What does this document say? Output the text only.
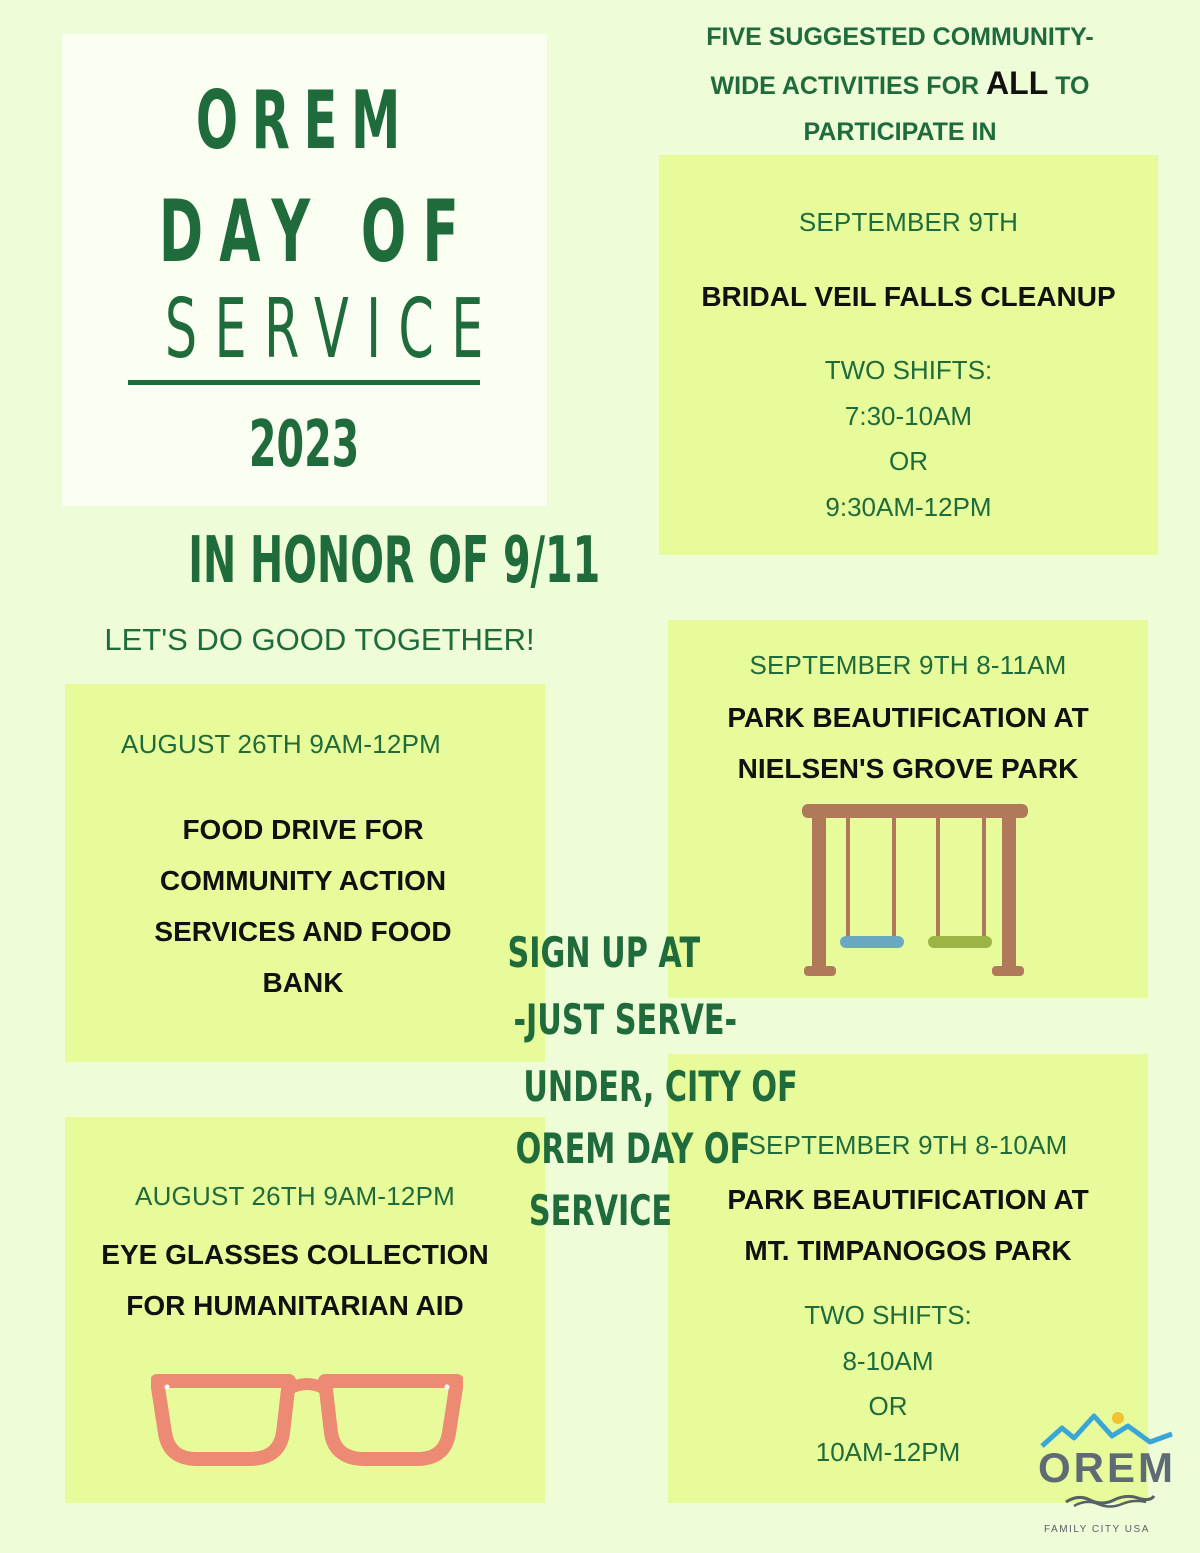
FIVE SUGGESTED COMMUNITY-
WIDE ACTIVITIES FOR ALL TO
PARTICIPATE IN
OREM
DAY OF
SERVICE
2023
IN HONOR OF 9/11
LET'S DO GOOD TOGETHER!
SEPTEMBER 9TH
BRIDAL VEIL FALLS CLEANUP
TWO SHIFTS:
7:30-10AM
OR
9:30AM-12PM
SEPTEMBER 9TH 8-11AM
PARK BEAUTIFICATION AT
NIELSEN'S GROVE PARK
AUGUST 26TH 9AM-12PM
FOOD DRIVE FOR
COMMUNITY ACTION
SERVICES AND FOOD
BANK
SEPTEMBER 9TH 8-10AM
PARK BEAUTIFICATION AT
MT. TIMPANOGOS PARK
TWO SHIFTS:
8-10AM
OR
10AM-12PM
AUGUST 26TH 9AM-12PM
EYE GLASSES COLLECTION
FOR HUMANITARIAN AID
SIGN UP AT
-JUST SERVE-
UNDER, CITY OF
OREM DAY OF
SERVICE
OREM
FAMILY CITY USA
